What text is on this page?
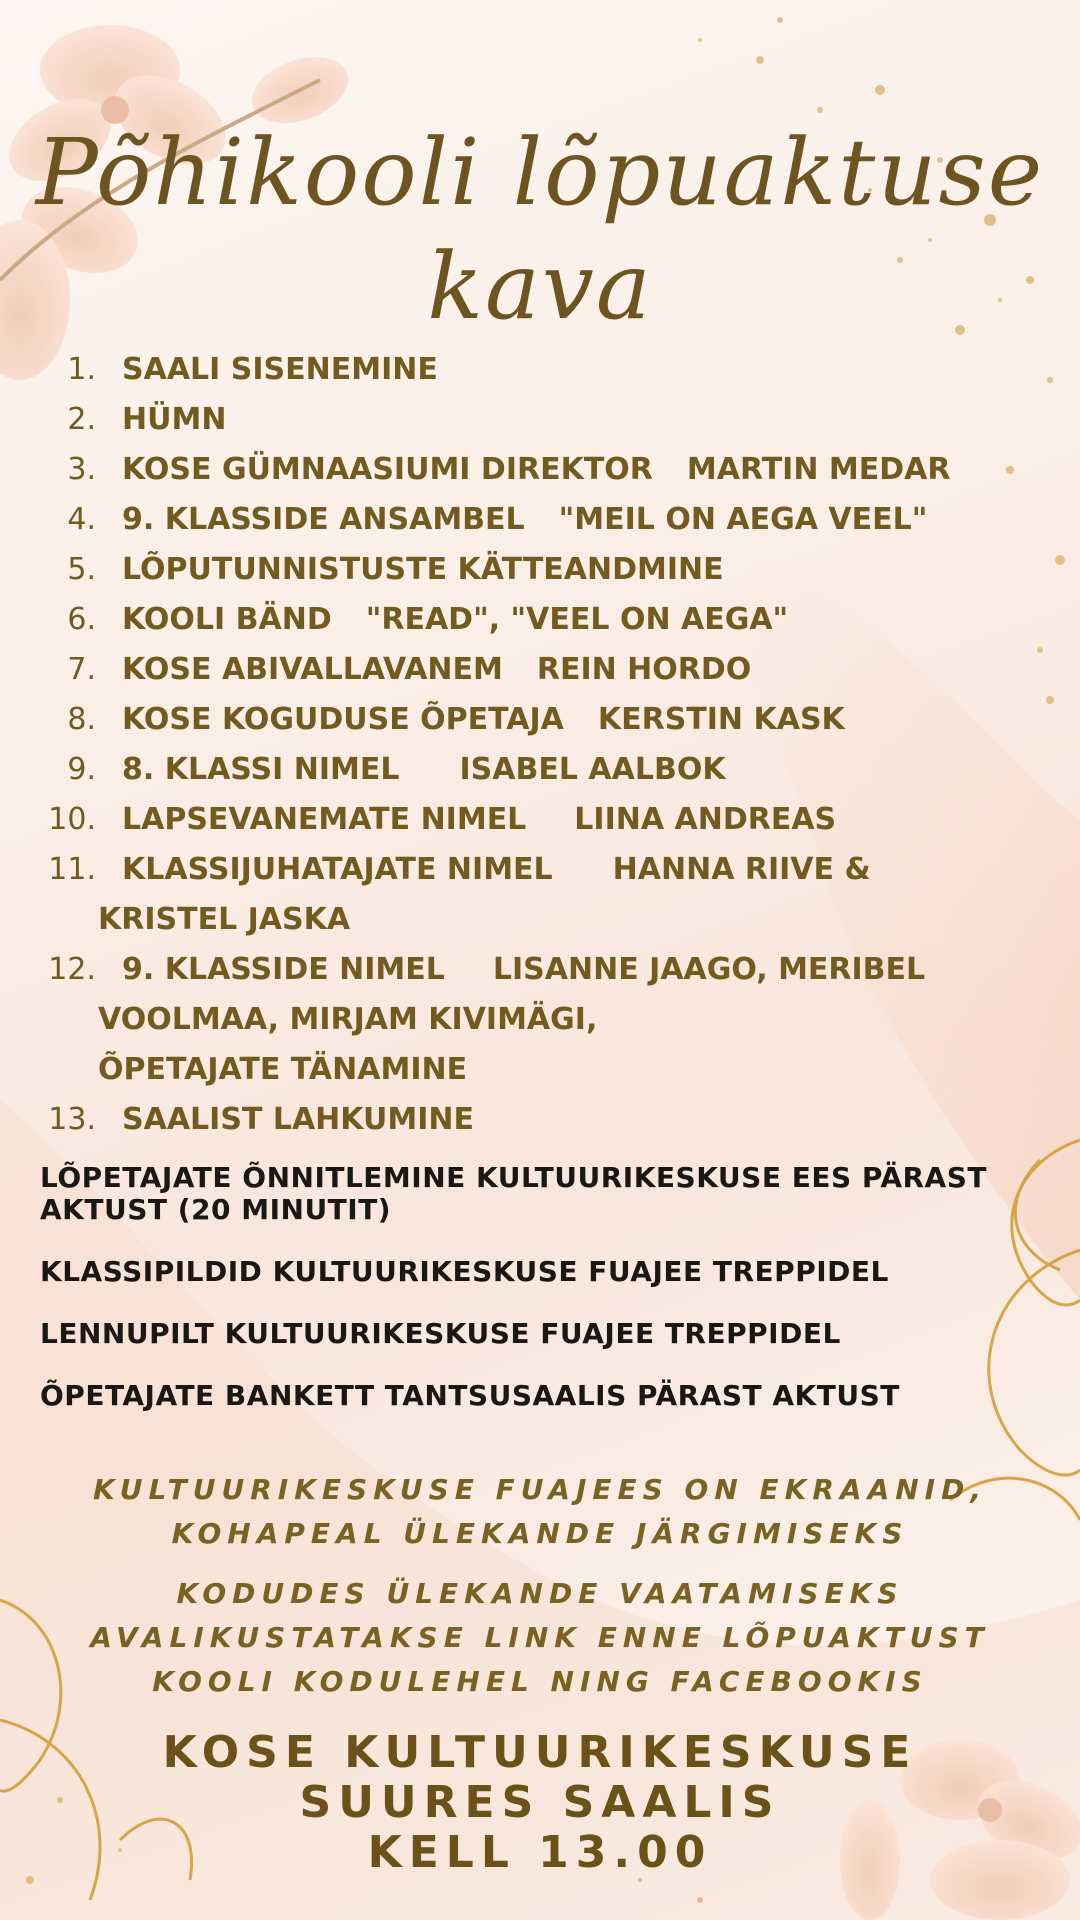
Põhikooli lõpuaktuse
kava
1. SAALI SISENEMINE
2. HÜMN
3. KOSE GÜMNAASIUMI DIREKTOR MARTIN MEDAR
4. 9. KLASSIDE ANSAMBEL "MEIL ON AEGA VEEL"
5. LÕPUTUNNISTUSTE KÄTTEANDMINE
6. KOOLI BÄND "READ", "VEEL ON AEGA"
7. KOSE ABIVALLAVANEM REIN HORDO
8. KOSE KOGUDUSE ÕPETAJA KERSTIN KASK
9. 8. KLASSI NIMEL ISABEL AALBOK
10. LAPSEVANEMATE NIMEL LIINA ANDREAS
11. KLASSIJUHATAJATE NIMEL HANNA RIIVE &
KRISTEL JASKA
12. 9. KLASSIDE NIMEL LISANNE JAAGO, MERIBEL
VOOLMAA, MIRJAM KIVIMÄGI,
ÕPETAJATE TÄNAMINE
13. SAALIST LAHKUMINE
LÕPETAJATE ÕNNITLEMINE KULTUURIKESKUSE EES PÄRAST AKTUST (20 MINUTIT)
KLASSIPILDID KULTUURIKESKUSE FUAJEE TREPPIDEL
LENNUPILT KULTUURIKESKUSE FUAJEE TREPPIDEL
ÕPETAJATE BANKETT TANTSUSAALIS PÄRAST AKTUST
KULTUURIKESKUSE FUAJEES ON EKRAANID,
KOHAPEAL ÜLEKANDE JÄRGIMISEKS
KODUDES ÜLEKANDE VAATAMISEKS
AVALIKUSTATAKSE LINK ENNE LÕPUAKTUST
KOOLI KODULEHEL NING FACEBOOKIS
KOSE KULTUURIKESKUSE
SUURES SAALIS
KELL 13.00
